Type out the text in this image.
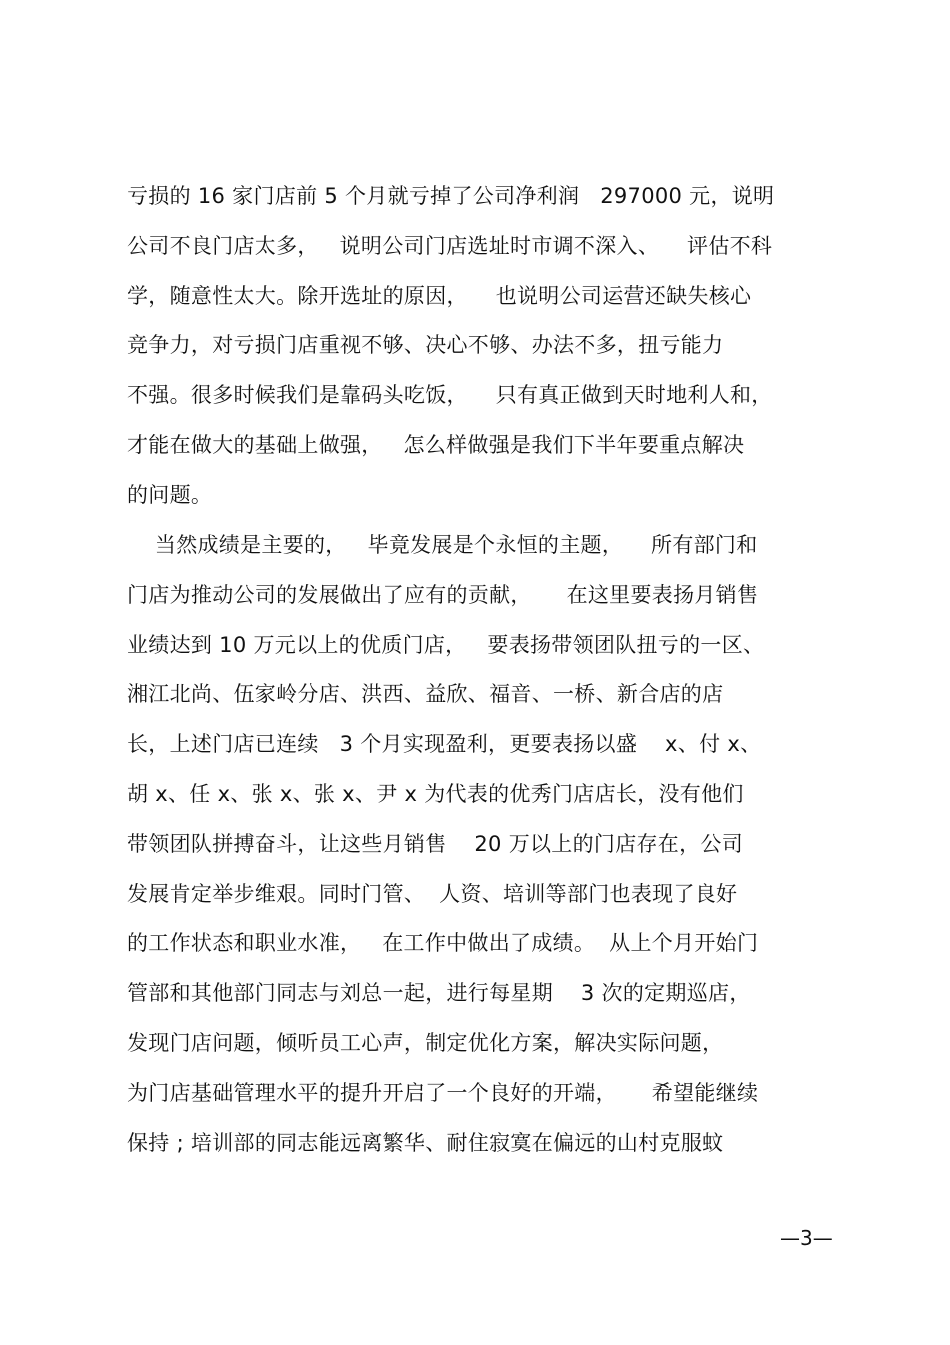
亏损的 16 家门店前 5 个月就亏掉了公司净利润   297000 元，说明
公司不良门店太多，   说明公司门店选址时市调不深入、    评估不科
学，随意性太大。除开选址的原因，    也说明公司运营还缺失核心
竞争力，对亏损门店重视不够、决心不够、办法不多，扭亏能力
不强。很多时候我们是靠码头吃饭，    只有真正做到天时地利人和，
才能在做大的基础上做强，   怎么样做强是我们下半年要重点解决
的问题。
当然成绩是主要的，   毕竟发展是个永恒的主题，    所有部门和
门店为推动公司的发展做出了应有的贡献，     在这里要表扬月销售
业绩达到 10 万元以上的优质门店，   要表扬带领团队扭亏的一区、
湘江北尚、伍家岭分店、洪西、益欣、福音、一桥、新合店的店
长，上述门店已连续   3 个月实现盈利，更要表扬以盛    x、付 x、
胡 x、任 x、张 x、张 x、尹 x 为代表的优秀门店店长，没有他们
带领团队拼搏奋斗，让这些月销售    20 万以上的门店存在，公司
发展肯定举步维艰。同时门管、  人资、培训等部门也表现了良好
的工作状态和职业水准，   在工作中做出了成绩。  从上个月开始门
管部和其他部门同志与刘总一起，进行每星期    3 次的定期巡店，
发现门店问题，倾听员工心声，制定优化方案，解决实际问题，
为门店基础管理水平的提升开启了一个良好的开端，     希望能继续
保持 ; 培训部的同志能远离繁华、耐住寂寞在偏远的山村克服蚊
—3—
